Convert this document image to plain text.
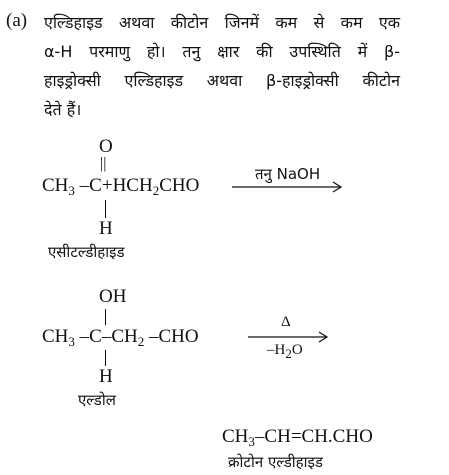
(a) एल्डिहाइड अथवा कीटोन जिनमें कम से कम एक
α-H परमाणु हो। तनु क्षार की उपस्थिति में β-
हाइड्रोक्सी एल्डिहाइड अथवा β-हाइड्रोक्सी कीटोन
देते हैं।
O
||
$CH_3$ $-C+HCH_2CHO$
H
तनु NaOH
एसीटल्डीहाइड
OH
$CH_3$ $-C-CH_2$ –CHO
H
Δ
$-H_2O$
एल्डोल
$CH_3-CH=CH.CHO$
क्रोटोन एल्डीहाइड
